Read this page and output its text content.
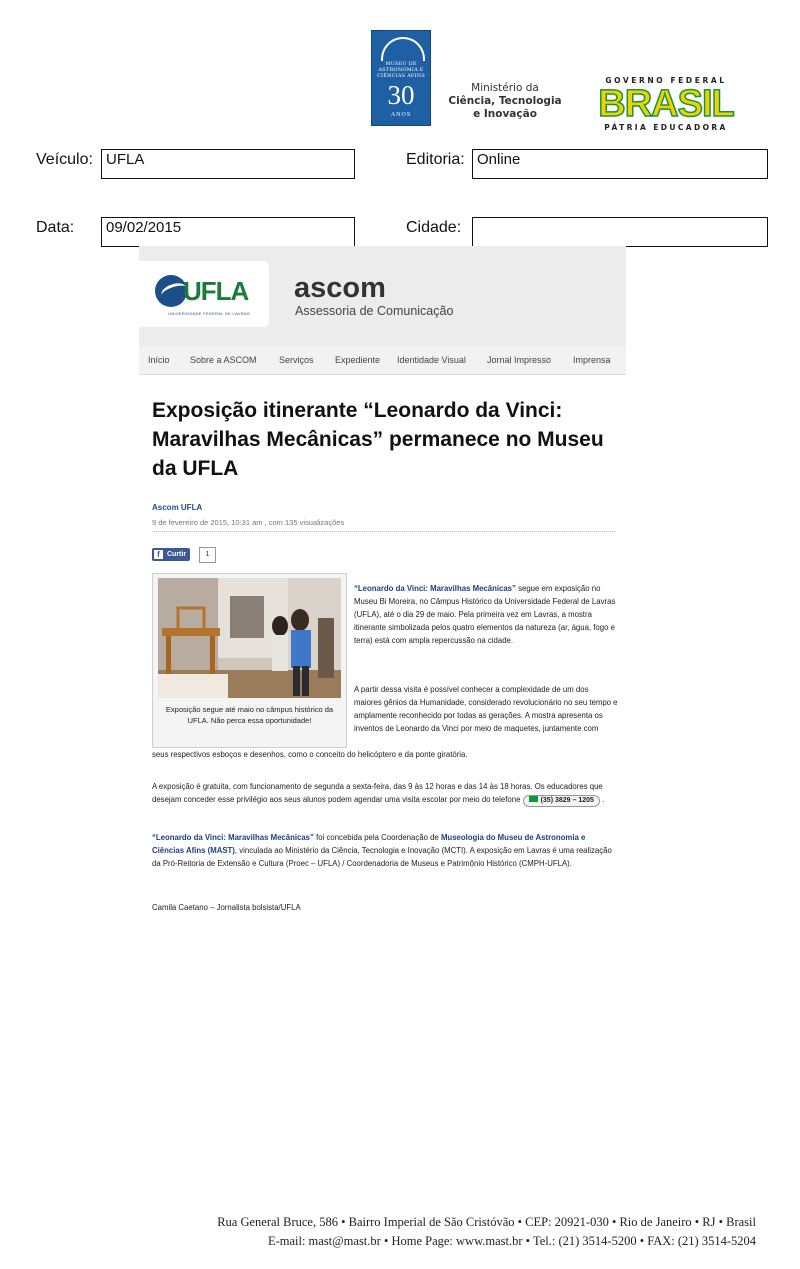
MUSEU DE ASTRONOMIA E CIÊNCIAS AFINS
30
ANOS
Ministério da
Ciência, Tecnologia
e Inovação
GOVERNO FEDERAL
BRASIL
PÁTRIA EDUCADORA
Veículo: UFLA	Editoria: Online
Data:	09/02/2015	Cidade:
UFLA
UNIVERSIDADE FEDERAL DE LAVRAS
ascom
Assessoria de Comunicação
Início Sobre a ASCOM Serviços Expediente Identidade Visual Jornal Impresso Imprensa
Exposição itinerante “Leonardo da Vinci: Maravilhas Mecânicas” permanece no Museu da UFLA
Ascom UFLA
9 de fevereiro de 2015, 10:31 am , com 135 visualizações
f	Curtir	1
Exposição segue até maio no câmpus histórico da UFLA. Não perca essa oportunidade!
“Leonardo da Vinci: Maravilhas Mecânicas” segue em exposição no Museu Bi Moreira, no Câmpus Histórico da Universidade Federal de Lavras (UFLA), até o dia 29 de maio. Pela primeira vez em Lavras, a mostra itinerante simbolizada pelos quatro elementos da natureza (ar, água, fogo e terra) está com ampla repercussão na cidade.
A partir dessa visita é possível conhecer a complexidade de um dos maiores gênios da Humanidade, considerado revolucionário no seu tempo e amplamente reconhecido por todas as gerações. A mostra apresenta os inventos de Leonardo da Vinci por meio de maquetes, juntamente com
seus respectivos esboços e desenhos, como o conceito do helicóptero e da ponte giratória.
A exposição é gratuita, com funcionamento de segunda a sexta-feira, das 9 às 12 horas e das 14 às 18 horas. Os educadores que desejam conceder esse privilégio aos seus alunos podem agendar uma visita escolar por meio do telefone	(35) 3829 – 1205 .
“Leonardo da Vinci: Maravilhas Mecânicas” foi concebida pela Coordenação de Museologia do Museu de Astronomia e Ciências Afins (MAST), vinculada ao Ministério da Ciência, Tecnologia e Inovação (MCTI). A exposição em Lavras é uma realização da Pró-Reitoria de Extensão e Cultura (Proec – UFLA) / Coordenadoria de Museus e Patrimônio Histórico (CMPH-UFLA).
Camila Caetano – Jornalista bolsista/UFLA
Rua General Bruce, 586 • Bairro Imperial de São Cristóvão • CEP: 20921-030 • Rio de Janeiro • RJ • Brasil
E-mail: mast@mast.br • Home Page: www.mast.br • Tel.: (21) 3514-5200 • FAX: (21) 3514-5204
